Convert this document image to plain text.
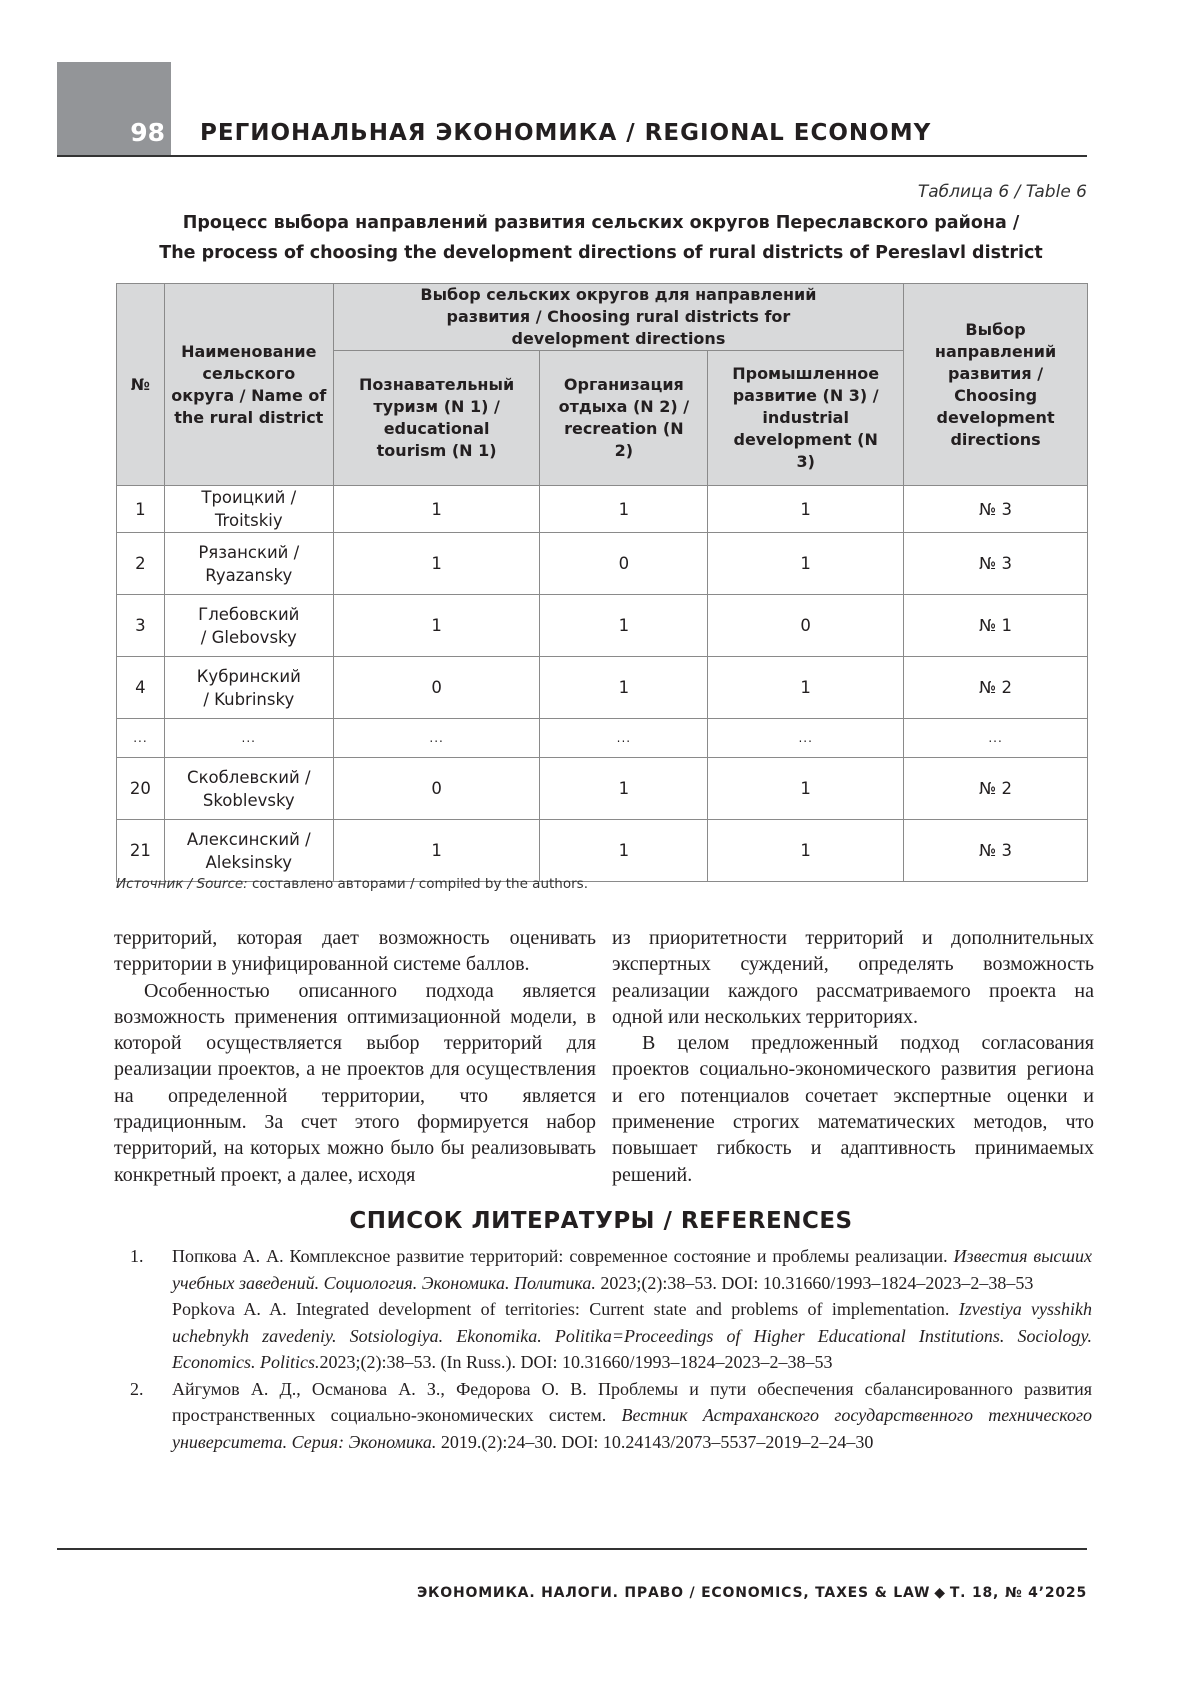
98 РЕГИОНАЛЬНАЯ ЭКОНОМИКА / REGIONAL ECONOMY
Таблица 6 / Table 6
Процесс выбора направлений развития сельских округов Переславского района /
The process of choosing the development directions of rural districts of Pereslavl district
№	Наименование сельского округа / Name of the rural district	Выбор сельских округов для направлений развития / Choosing rural districts for development directions			Выбор направлений развития / Choosing development directions
		Познавательный туризм (N 1) / educational tourism (N 1)	Организация отдыха (N 2) / recreation (N 2)	Промышленное развитие (N 3) / industrial development (N 3)	
1	Троицкий / Troitskiy	1	1	1	№ 3
2	Рязанский / Ryazansky	1	0	1	№ 3
3	Глебовский / Glebovsky	1	1	0	№ 1
4	Кубринский / Kubrinsky	0	1	1	№ 2
...	...	...	...	...	...
20	Скоблевский / Skoblevsky	0	1	1	№ 2
21	Алексинский / Aleksinsky	1	1	1	№ 3
Источник / Source: составлено авторами / compiled by the authors.

территорий, которая дает возможность оценивать территории в унифицированной системе баллов.

Особенностью описанного подхода является возможность применения оптимизационной модели, в которой осуществляется выбор территорий для реализации проектов, а не проектов для осуществления на определенной территории, что является традиционным. За счет этого формируется набор территорий, на которых можно было бы реализовывать конкретный проект, а далее, исходя

из приоритетности территорий и дополнительных экспертных суждений, определять возможность реализации каждого рассматриваемого проекта на одной или нескольких территориях.

В целом предложенный подход согласования проектов социально-экономического развития региона и его потенциалов сочетает экспертные оценки и применение строгих математических методов, что повышает гибкость и адаптивность принимаемых решений.

СПИСОК ЛИТЕРАТУРЫ / REFERENCES
1. Попкова А. А. Комплексное развитие территорий: современное состояние и проблемы реализации. Известия высших учебных заведений. Социология. Экономика. Политика. 2023;(2):38–53. DOI: 10.31660/1993–1824–2023–2–38–53
Popkova A. A. Integrated development of territories: Current state and problems of implementation. Izvestiya vysshikh uchebnykh zavedeniy. Sotsiologiya. Ekonomika. Politika=Proceedings of Higher Educational Institutions. Sociology. Economics. Politics.2023;(2):38–53. (In Russ.). DOI: 10.31660/1993–1824–2023–2–38–53
2. Айгумов А. Д., Османова А. З., Федорова О. В. Проблемы и пути обеспечения сбалансированного развития пространственных социально-экономических систем. Вестник Астраханского государственного технического университета. Серия: Экономика. 2019.(2):24–30. DOI: 10.24143/2073–5537–2019–2–24–30
ЭКОНОМИКА. НАЛОГИ. ПРАВО / ECONOMICS, TAXES & LAW ◆ Т. 18, № 4’2025
